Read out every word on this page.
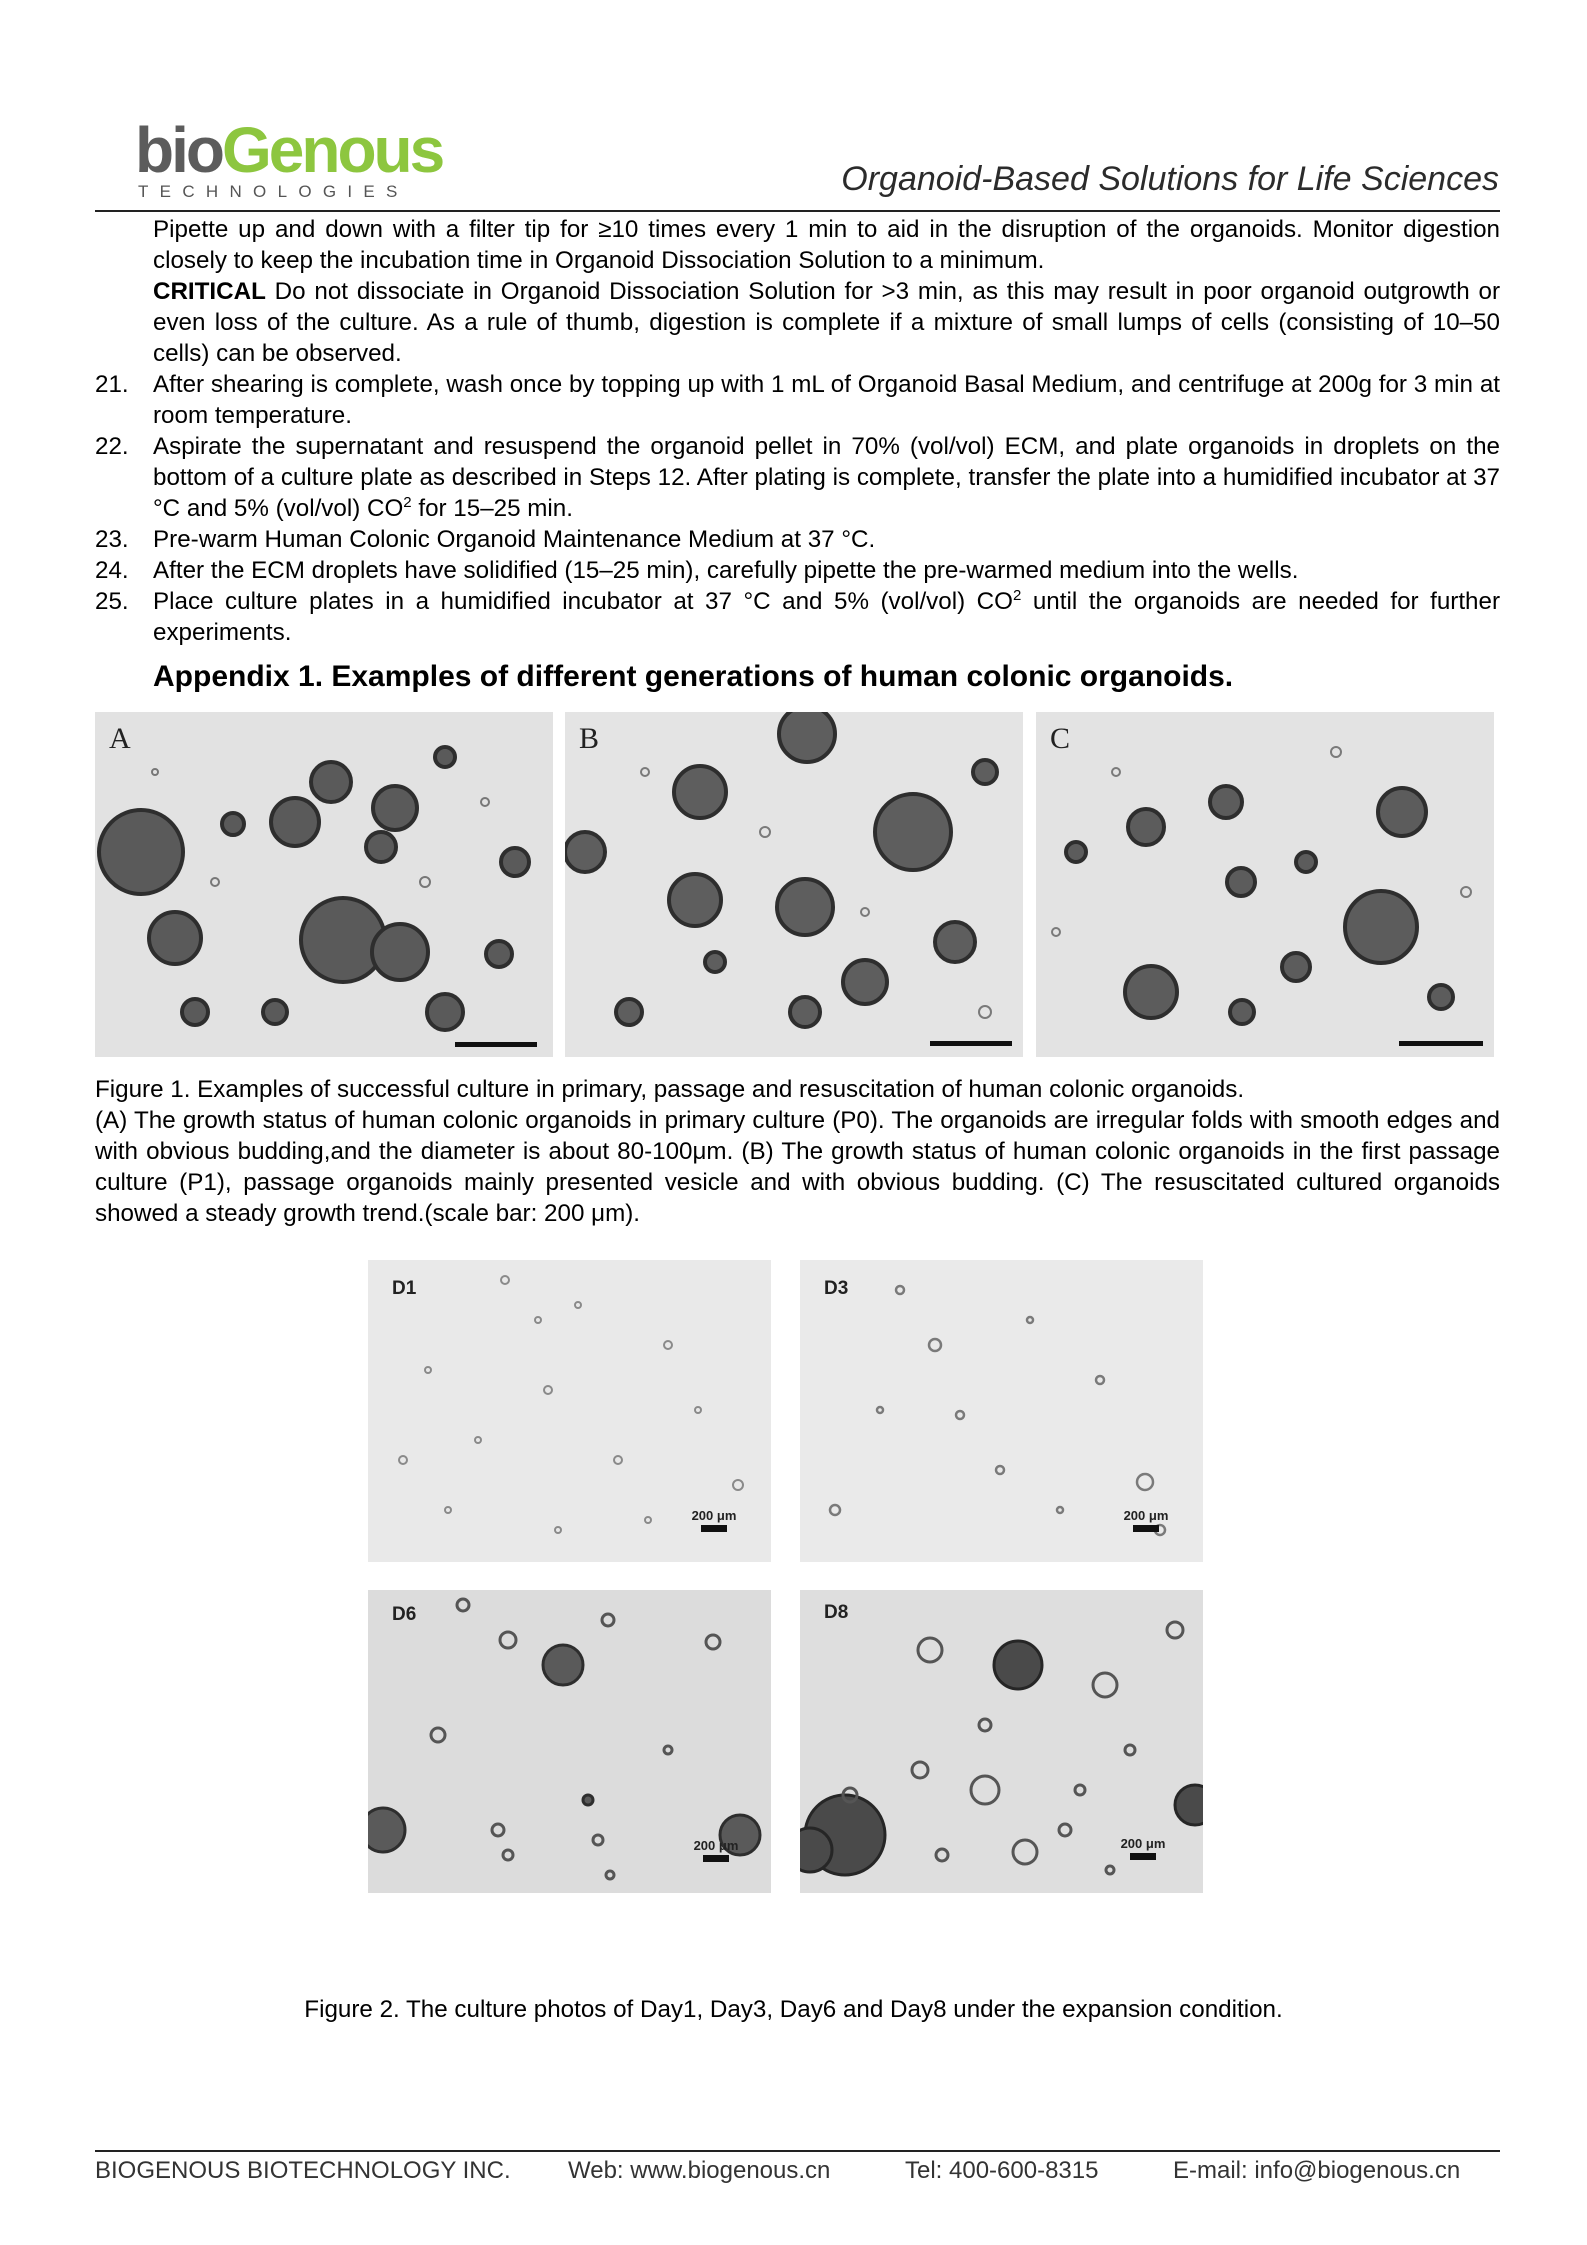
bioGenous
TECHNOLOGIES	Organoid-Based Solutions for Life Sciences

Pipette up and down with a filter tip for ≥10 times every 1 min to aid in the disruption of the organoids. Monitor digestion closely to keep the incubation time in Organoid Dissociation Solution to a minimum.

CRITICAL Do not dissociate in Organoid Dissociation Solution for >3 min, as this may result in poor organoid outgrowth or even loss of the culture. As a rule of thumb, digestion is complete if a mixture of small lumps of cells (consisting of 10–50 cells) can be observed.

21.	After shearing is complete, wash once by topping up with 1 mL of Organoid Basal Medium, and centrifuge at 200g for 3 min at room temperature.
22.	Aspirate the supernatant and resuspend the organoid pellet in 70% (vol/vol) ECM, and plate organoids in droplets on the bottom of a culture plate as described in Steps 12. After plating is complete, transfer the plate into a humidified incubator at 37 °C and 5% (vol/vol) $CO^2$ for 15–25 min.
23.	Pre-warm Human Colonic Organoid Maintenance Medium at 37 °C.
24.	After the ECM droplets have solidified (15–25 min), carefully pipette the pre-warmed medium into the wells.
25.	Place culture plates in a humidified incubator at 37 °C and 5% (vol/vol) $CO^2$ until the organoids are needed for further experiments.
Appendix 1. Examples of different generations of human colonic organoids.
A	B	C
Figure 1. Examples of successful culture in primary, passage and resuscitation of human colonic organoids.
(A) The growth status of human colonic organoids in primary culture (P0). The organoids are irregular folds with smooth edges and with obvious budding,and the diameter is about 80-100μm. (B) The growth status of human colonic organoids in the first passage culture (P1), passage organoids mainly presented vesicle and with obvious budding. (C) The resuscitated cultured organoids showed a steady growth trend.(scale bar: 200 μm).
D1
200 μm
D3
200 μm
D6
200 μm
D8
200 μm
Figure 2. The culture photos of Day1, Day3, Day6 and Day8 under the expansion condition.
BIOGENOUS BIOTECHNOLOGY INC. Web: www.biogenous.cn	Tel: 400-600-8315	E-mail: info@biogenous.cn
